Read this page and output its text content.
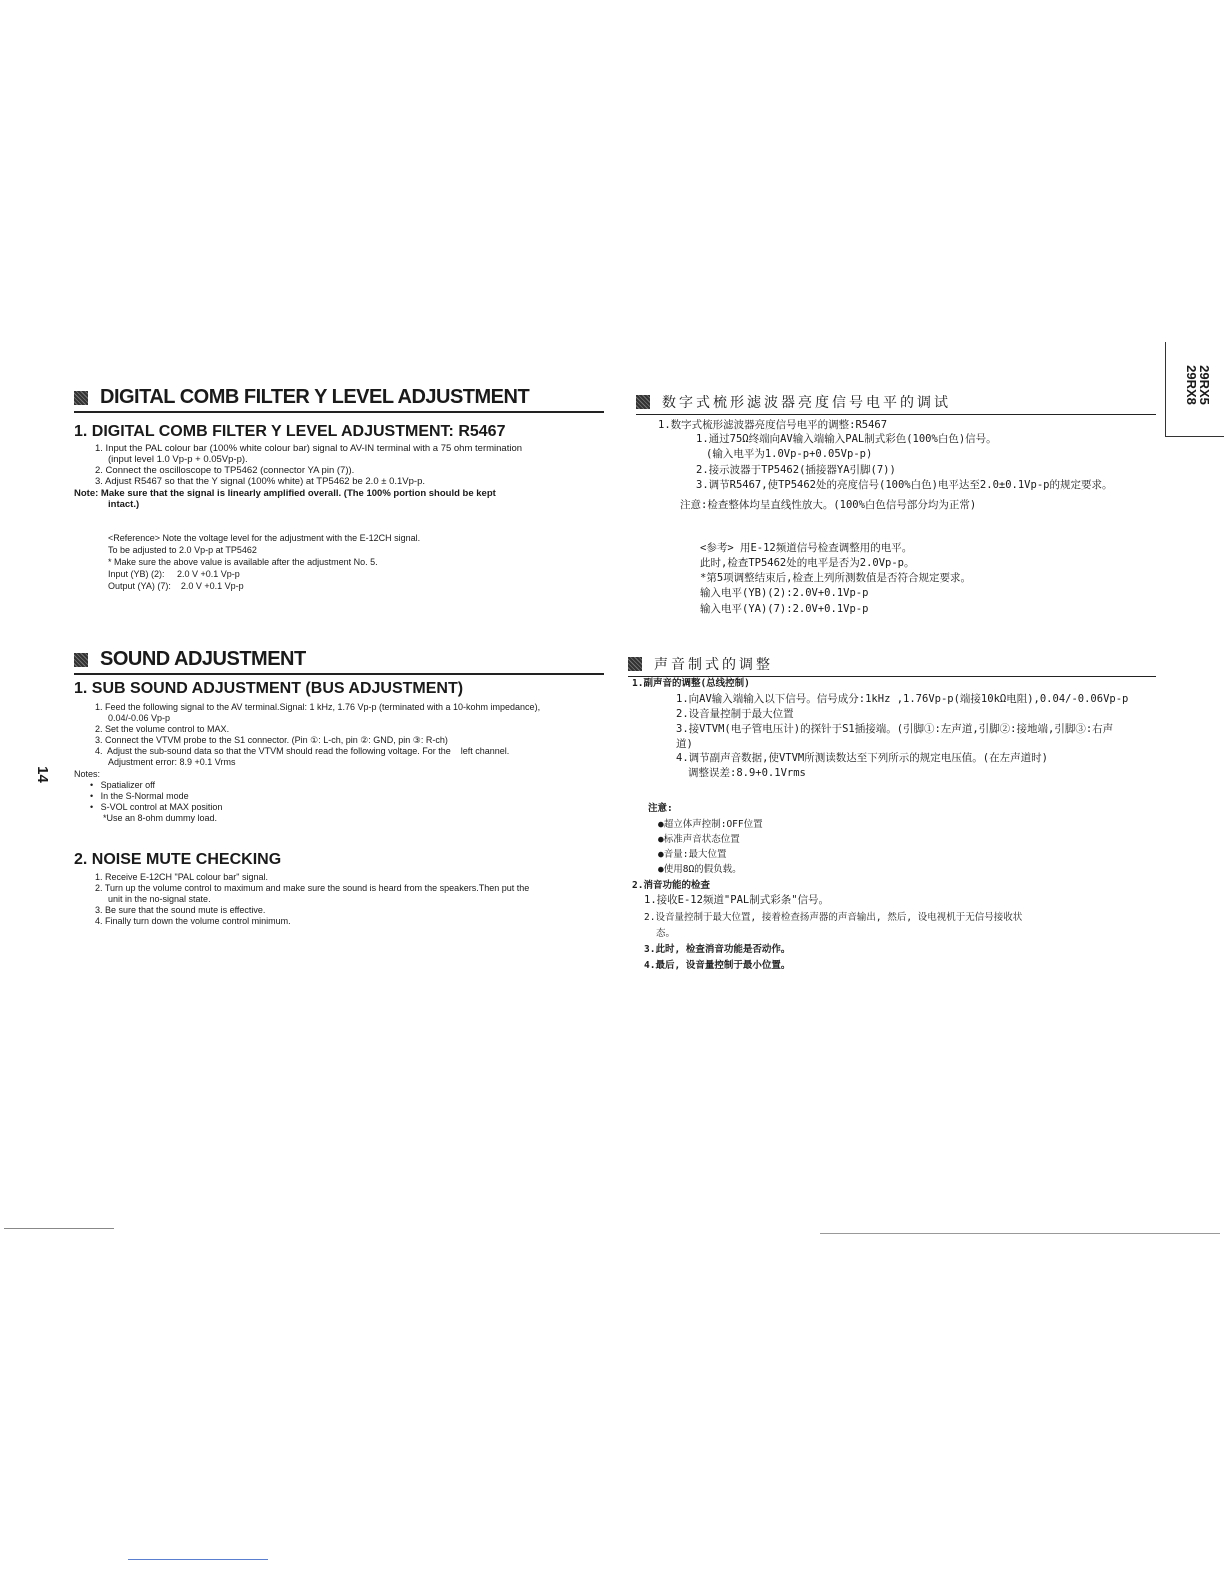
29RX5
29RX8
14
DIGITAL COMB FILTER Y LEVEL ADJUSTMENT
1. DIGITAL COMB FILTER Y LEVEL ADJUSTMENT: R5467
1. Input the PAL colour bar (100% white colour bar) signal to AV-IN terminal with a 75 ohm termination
(input level 1.0 Vp-p + 0.05Vp-p).
2. Connect the oscilloscope to TP5462 (connector YA pin (7)).
3. Adjust R5467 so that the Y signal (100% white) at TP5462 be 2.0 ± 0.1Vp-p.
Note: Make sure that the signal is linearly amplified overall. (The 100% portion should be kept
intact.)
<Reference> Note the voltage level for the adjustment with the E-12CH signal.
To be adjusted to 2.0 Vp-p at TP5462
* Make sure the above value is available after the adjustment No. 5.
Input (YB) (2):     2.0 V +0.1 Vp-p
Output (YA) (7):    2.0 V +0.1 Vp-p
SOUND ADJUSTMENT
1. SUB SOUND ADJUSTMENT (BUS ADJUSTMENT)
1. Feed the following signal to the AV terminal.Signal: 1 kHz, 1.76 Vp-p (terminated with a 10-kohm impedance),
0.04/-0.06 Vp-p
2. Set the volume control to MAX.
3. Connect the VTVM probe to the S1 connector. (Pin ①: L-ch, pin ②: GND, pin ③: R-ch)
4.  Adjust the sub-sound data so that the VTVM should read the following voltage. For the    left channel.
Adjustment error: 8.9 +0.1 Vrms
Notes:
•   Spatializer off
•   In the S-Normal mode
•   S-VOL control at MAX position
*Use an 8-ohm dummy load.
2. NOISE MUTE CHECKING
1. Receive E-12CH "PAL colour bar" signal.
2. Turn up the volume control to maximum and make sure the sound is heard from the speakers.Then put the
unit in the no-signal state.
3. Be sure that the sound mute is effective.
4. Finally turn down the volume control minimum.
数字式梳形滤波器亮度信号电平的调试
1.数字式梳形滤波器亮度信号电平的调整:R5467
1.通过75Ω终端向AV输入端输入PAL制式彩色(100%白色)信号。
(输入电平为1.0Vp-p+0.05Vp-p)
2.接示波器于TP5462(插接器YA引脚(7))
3.调节R5467,使TP5462处的亮度信号(100%白色)电平达至2.0±0.1Vp-p的规定要求。
注意:检查整体均呈直线性放大。(100%白色信号部分均为正常)
<参考> 用E-12频道信号检查调整用的电平。
此时,检查TP5462处的电平是否为2.0Vp-p。
*第5项调整结束后,检查上列所测数值是否符合规定要求。
输入电平(YB)(2):2.0V+0.1Vp-p
输入电平(YA)(7):2.0V+0.1Vp-p
声音制式的调整
1.副声音的调整(总线控制)
1.向AV输入端输入以下信号。信号成分:1kHz ,1.76Vp-p(端接10kΩ电阻),0.04/-0.06Vp-p
2.设音量控制于最大位置
3.接VTVM(电子管电压计)的探针于S1插接端。(引脚①:左声道,引脚②:接地端,引脚③:右声
道)
4.调节副声音数据,使VTVM所测读数达至下列所示的规定电压值。(在左声道时)
调整误差:8.9+0.1Vrms
注意:
●超立体声控制:OFF位置
●标准声音状态位置
●音量:最大位置
●使用8Ω的假负载。
2.消音功能的检查
1.接收E-12频道"PAL制式彩条"信号。
2.设音量控制于最大位置, 接着检查扬声器的声音输出, 然后, 设电视机于无信号接收状
态。
3.此时, 检查消音功能是否动作。
4.最后, 设音量控制于最小位置。
